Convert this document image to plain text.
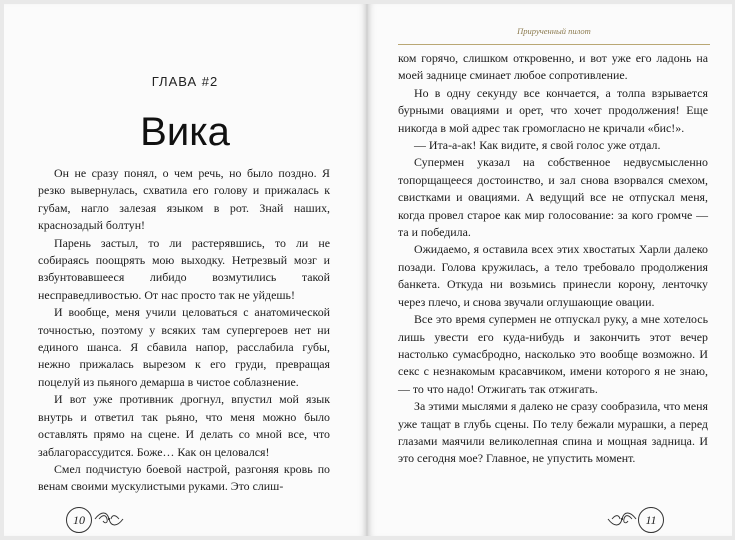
ГЛАВА #2
Вика

Он не сразу понял, о чем речь, но было поздно. Я резко вывернулась, схватила его голову и прижалась к губам, нагло залезая языком в рот. Знай наших, краснозадый болтун!

Парень застыл, то ли растерявшись, то ли не собираясь поощрять мою выходку. Нетрезвый мозг и взбунтовавшееся либидо возмутились такой несправедливостью. От нас просто так не уйдешь!

И вообще, меня учили целоваться с анатомической точностью, поэтому у всяких там супергероев нет ни единого шанса. Я сбавила напор, расслабила губы, нежно прижалась вырезом к его груди, превращая поцелуй из пьяного демарша в чистое соблазнение.

И вот уже противник дрогнул, впустил мой язык внутрь и ответил так рьяно, что меня можно было оставлять прямо на сцене. И делать со мной все, что заблагорассудится. Боже… Как он целовался!

Смел подчистую боевой настрой, разгоняя кровь по венам своими мускулистыми руками. Это слиш-

10
Прирученный пилот

ком горячо, слишком откровенно, и вот уже его ладонь на моей заднице сминает любое сопротивление.

Но в одну секунду все кончается, а толпа взрывается бурными овациями и орет, что хочет продолжения! Еще никогда в мой адрес так громогласно не кричали «бис!».

— Ита-а-ак! Как видите, я свой голос уже отдал.

Супермен указал на собственное недвусмысленно топорщащееся достоинство, и зал снова взорвался смехом, свистками и овациями. А ведущий все не отпускал меня, когда провел старое как мир голосование: за кого громче — та и победила.

Ожидаемо, я оставила всех этих хвостатых Харли далеко позади. Голова кружилась, а тело требовало продолжения банкета. Откуда ни возьмись принесли корону, ленточку через плечо, и снова звучали оглушающие овации.

Все это время супермен не отпускал руку, а мне хотелось лишь увести его куда-нибудь и закончить этот вечер настолько сумасбродно, насколько это вообще возможно. И секс с незнакомым красавчиком, имени которого я не знаю, — то что надо! Отжигать так отжигать.

За этими мыслями я далеко не сразу сообразила, что меня уже тащат в глубь сцены. По телу бежали мурашки, а перед глазами маячили великолепная спина и мощная задница. И это сегодня мое? Главное, не упустить момент.

11
